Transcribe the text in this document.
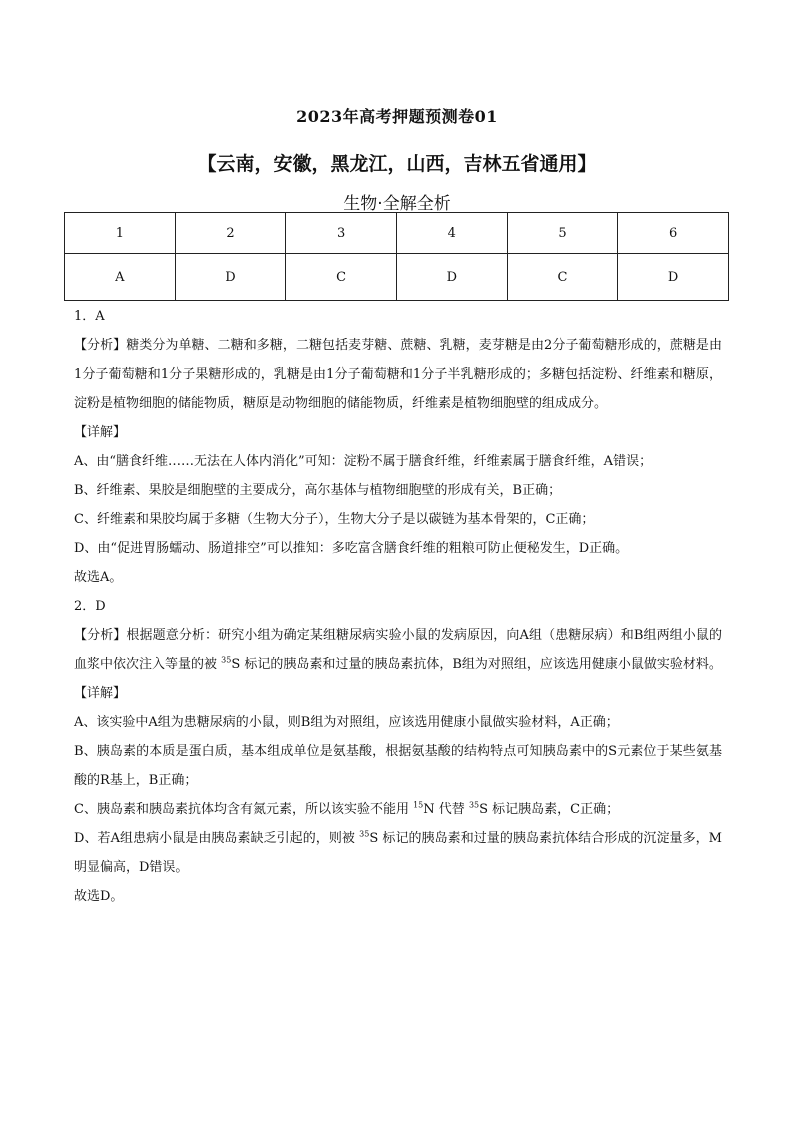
2023年高考押题预测卷01
【云南，安徽，黑龙江，山西，吉林五省通用】
生物·全解全析
1	2	3	4	5	6
A	D	C	D	C	D

1．A

【分析】糖类分为单糖、二糖和多糖，二糖包括麦芽糖、蔗糖、乳糖，麦芽糖是由2分子葡萄糖形成的，蔗糖是由1分子葡萄糖和1分子果糖形成的，乳糖是由1分子葡萄糖和1分子半乳糖形成的；多糖包括淀粉、纤维素和糖原，淀粉是植物细胞的储能物质，糖原是动物细胞的储能物质，纤维素是植物细胞壁的组成成分。

【详解】

A、由“膳食纤维……无法在人体内消化”可知：淀粉不属于膳食纤维，纤维素属于膳食纤维，A错误；

B、纤维素、果胶是细胞壁的主要成分，高尔基体与植物细胞壁的形成有关，B正确；

C、纤维素和果胶均属于多糖（生物大分子），生物大分子是以碳链为基本骨架的，C正确；

D、由“促进胃肠蠕动、肠道排空”可以推知：多吃富含膳食纤维的粗粮可防止便秘发生，D正确。

故选A。

2．D

【分析】根据题意分析：研究小组为确定某组糖尿病实验小鼠的发病原因，向A组（患糖尿病）和B组两组小鼠的血浆中依次注入等量的被 $^{35}$S 标记的胰岛素和过量的胰岛素抗体，B组为对照组，应该选用健康小鼠做实验材料。

【详解】

A、该实验中A组为患糖尿病的小鼠，则B组为对照组，应该选用健康小鼠做实验材料，A正确；

B、胰岛素的本质是蛋白质，基本组成单位是氨基酸，根据氨基酸的结构特点可知胰岛素中的S元素位于某些氨基酸的R基上，B正确；

C、胰岛素和胰岛素抗体均含有氮元素，所以该实验不能用 $^{15}$N 代替 $^{35}$S 标记胰岛素，C正确；

D、若A组患病小鼠是由胰岛素缺乏引起的，则被 $^{35}$S 标记的胰岛素和过量的胰岛素抗体结合形成的沉淀量多，M明显偏高，D错误。

故选D。
